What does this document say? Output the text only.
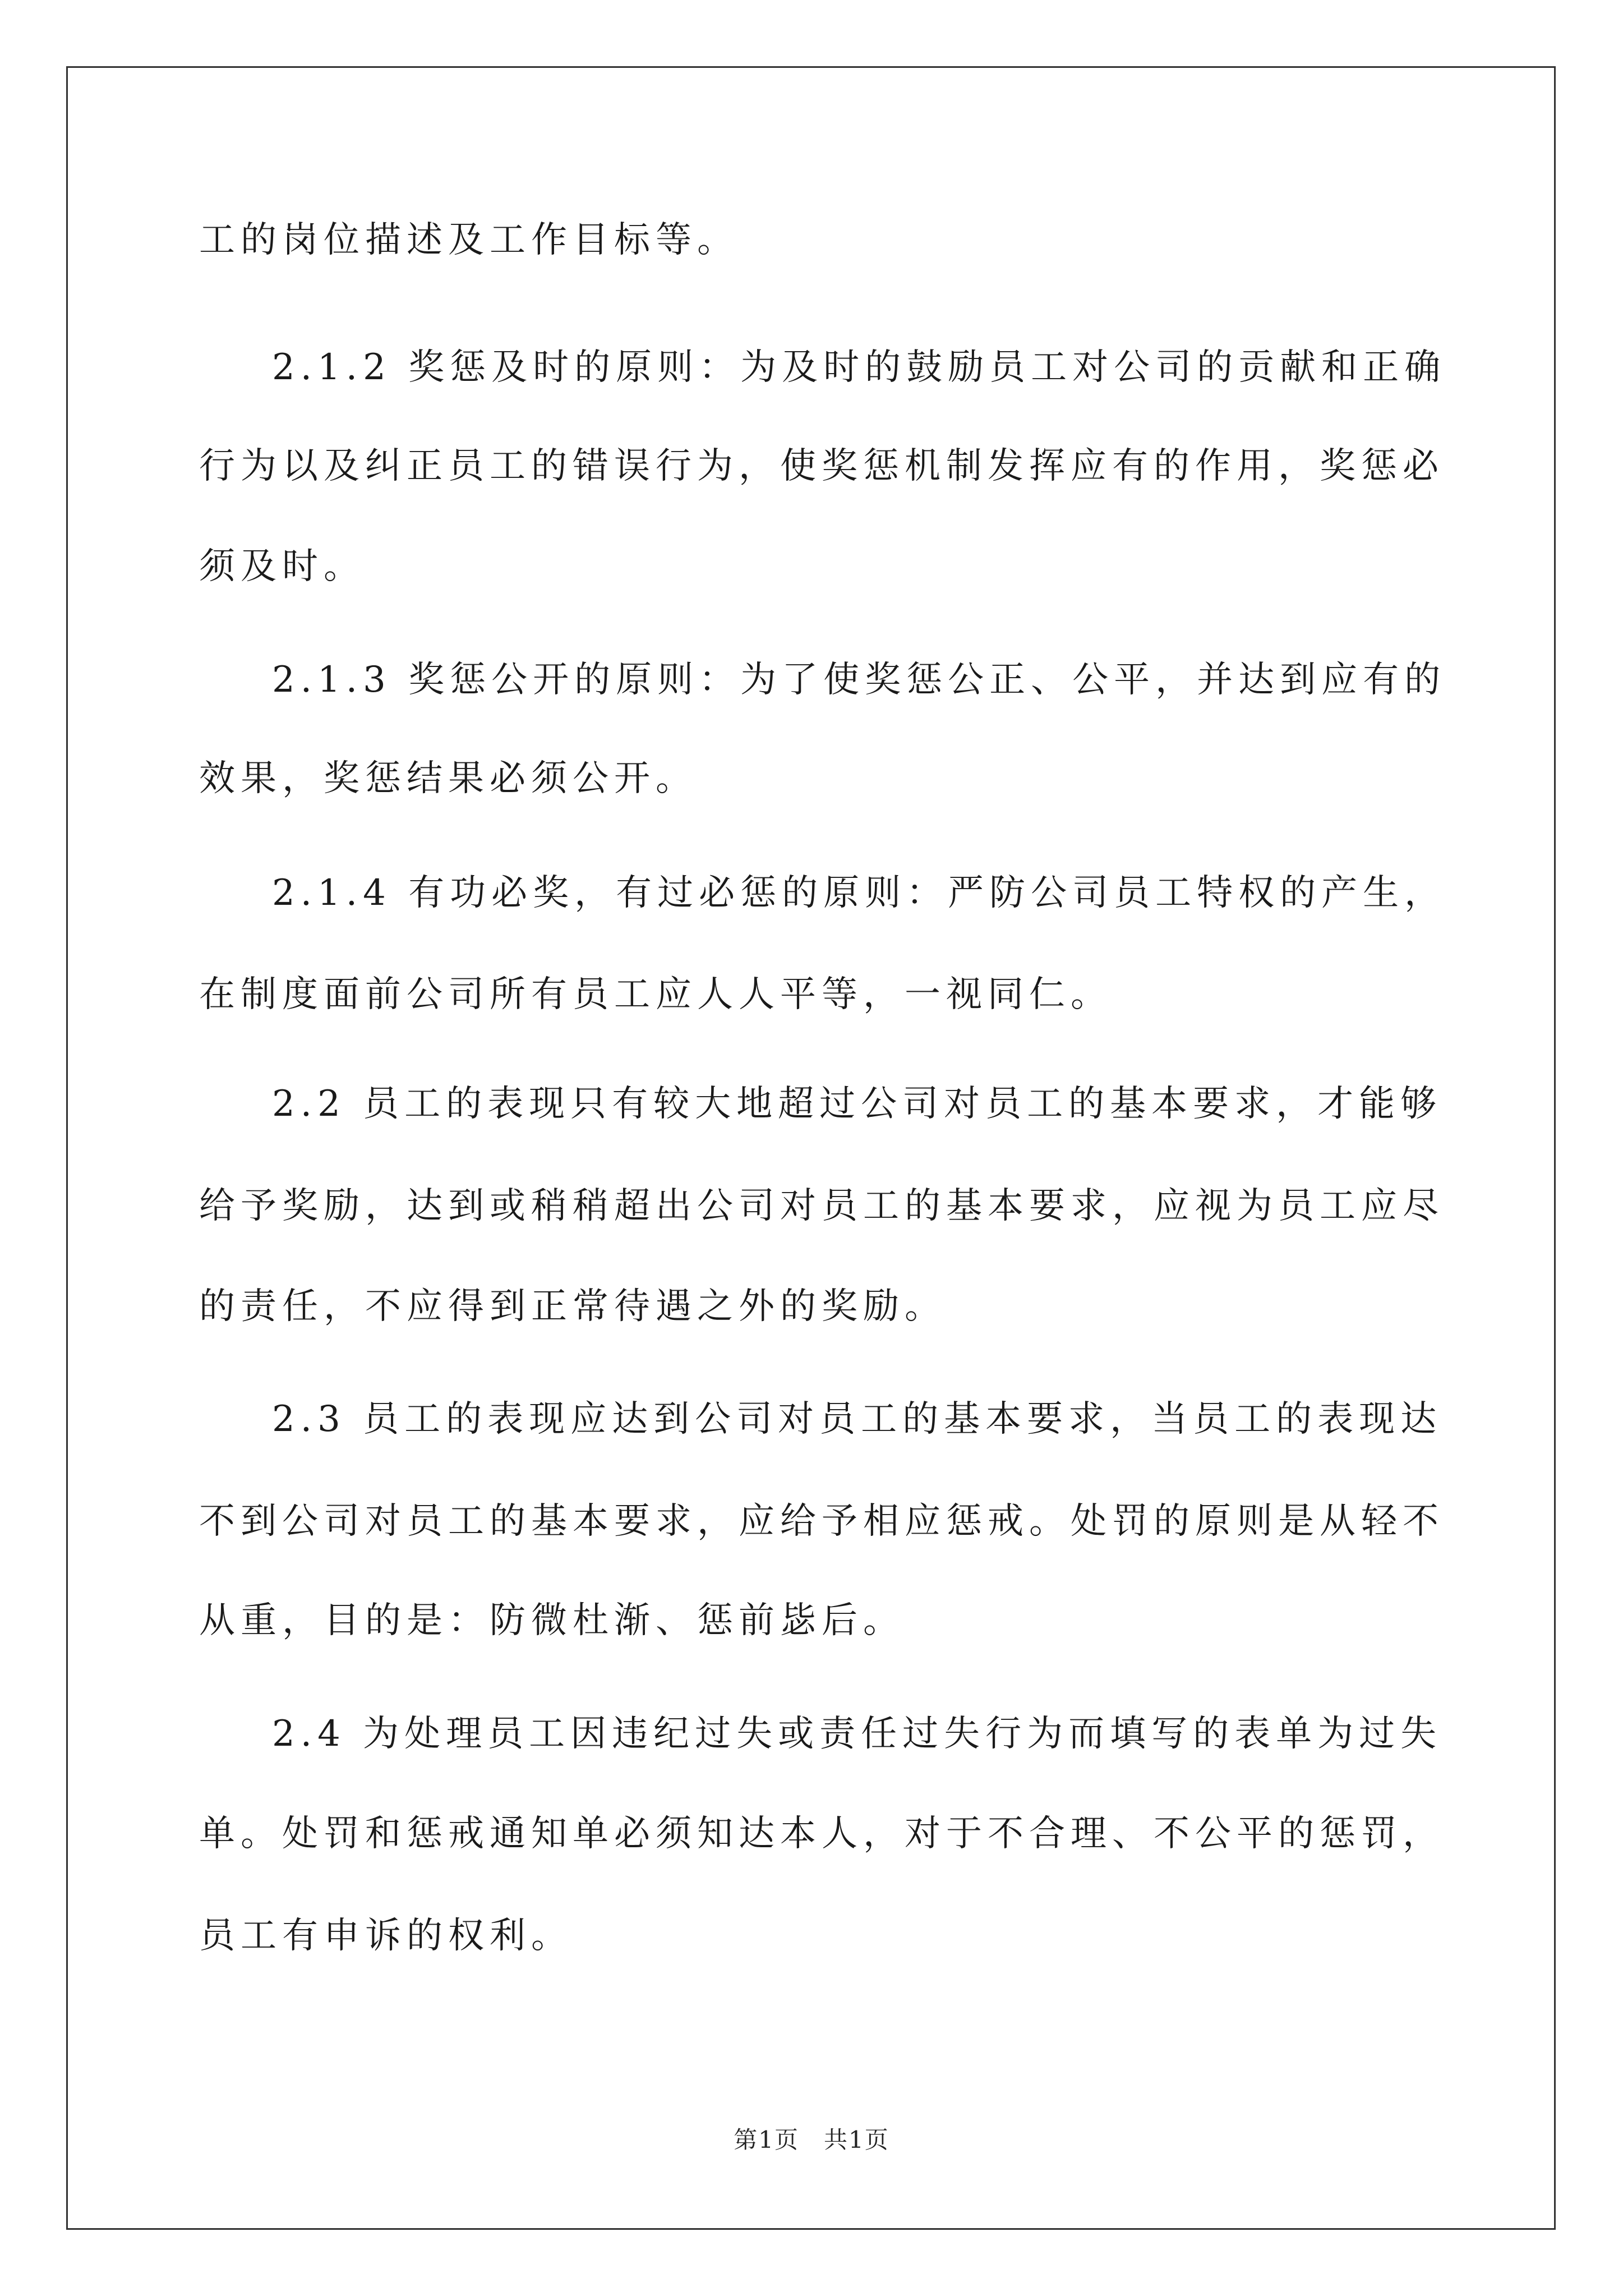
工的岗位描述及工作目标等。
2.1.2 奖惩及时的原则：为及时的鼓励员工对公司的贡献和正确
行为以及纠正员工的错误行为，使奖惩机制发挥应有的作用，奖惩必
须及时。
2.1.3 奖惩公开的原则：为了使奖惩公正、公平，并达到应有的
效果，奖惩结果必须公开。
2.1.4 有功必奖，有过必惩的原则：严防公司员工特权的产生，
在制度面前公司所有员工应人人平等，一视同仁。
2.2 员工的表现只有较大地超过公司对员工的基本要求，才能够
给予奖励，达到或稍稍超出公司对员工的基本要求，应视为员工应尽
的责任，不应得到正常待遇之外的奖励。
2.3 员工的表现应达到公司对员工的基本要求，当员工的表现达
不到公司对员工的基本要求，应给予相应惩戒。处罚的原则是从轻不
从重，目的是：防微杜渐、惩前毖后。
2.4 为处理员工因违纪过失或责任过失行为而填写的表单为过失
单。处罚和惩戒通知单必须知达本人，对于不合理、不公平的惩罚，
员工有申诉的权利。
第1页　共1页
